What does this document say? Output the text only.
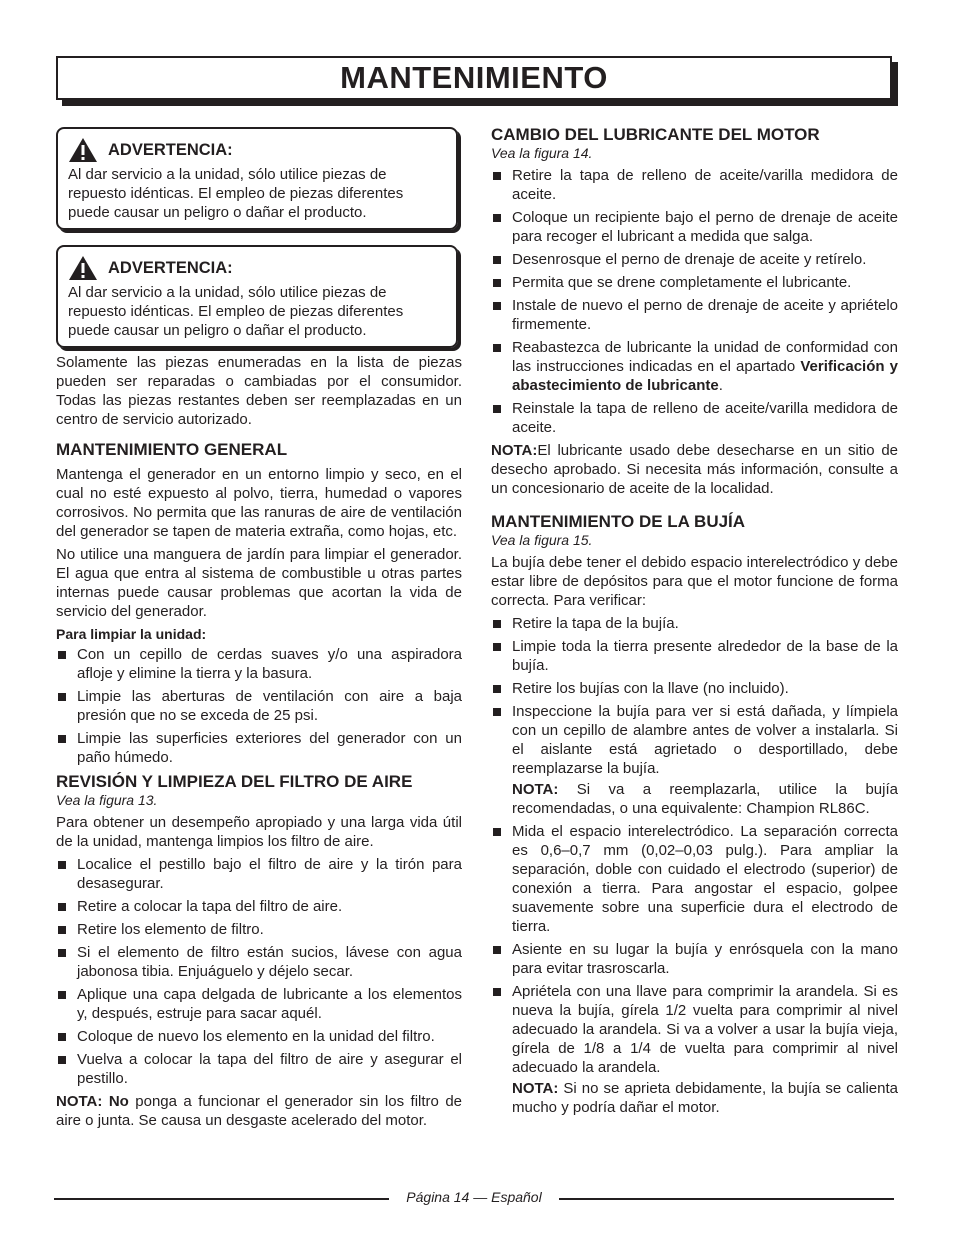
MANTENIMIENTO
ADVERTENCIA:

Al dar servicio a la unidad, sólo utilice piezas de repuesto idénticas. El empleo de piezas diferentes puede causar un peligro o dañar el producto.

ADVERTENCIA:

Al dar servicio a la unidad, sólo utilice piezas de repuesto idénticas. El empleo de piezas diferentes puede causar un peligro o dañar el producto.

Solamente las piezas enumeradas en la lista de piezas pueden ser reparadas o cambiadas por el consumidor. Todas las piezas restantes deben ser reemplazadas en un centro de servicio autorizado.

MANTENIMIENTO GENERAL

Mantenga el generador en un entorno limpio y seco, en el cual no esté expuesto al polvo, tierra, humedad o vapores corrosivos. No permita que las ranuras de aire de ventilación del generador se tapen de materia extraña, como hojas, etc.

No utilice una manguera de jardín para limpiar el generador. El agua que entra al sistema de combustible u otras partes internas puede causar problemas que acortan la vida de servicio del generador.

Para limpiar la unidad:

Con un cepillo de cerdas suaves y/o una aspiradora afloje y elimine la tierra y la basura.
Limpie las aberturas de ventilación con aire a baja presión que no se exceda de 25 psi.
Limpie las superficies exteriores del generador con un paño húmedo.
REVISIÓN Y LIMPIEZA DEL FILTRO DE AIRE
Vea la figura 13.

Para obtener un desempeño apropiado y una larga vida útil de la unidad, mantenga limpios los filtro de aire.

Localice el pestillo bajo el filtro de aire y la tirón para desasegurar.
Retire a colocar la tapa del filtro de aire.
Retire los elemento de filtro.
Si el elemento de filtro están sucios, lávese con agua jabonosa tibia. Enjuáguelo y déjelo secar.
Aplique una capa delgada de lubricante a los elementos y, después, estruje para sacar aquél.
Coloque de nuevo los elemento en la unidad del filtro.
Vuelva a colocar la tapa del filtro de aire y asegurar el pestillo.

NOTA: No ponga a funcionar el generador sin los filtro de aire o junta. Se causa un desgaste acelerado del motor.

CAMBIO DEL LUBRICANTE DEL MOTOR
Vea la figura 14.
Retire la tapa de relleno de aceite/varilla medidora de aceite.
Coloque un recipiente bajo el perno de drenaje de aceite para recoger el lubricant a medida que salga.
Desenrosque el perno de drenaje de aceite y retírelo.
Permita que se drene completamente el lubricante.
Instale de nuevo el perno de drenaje de aceite y apriételo firmemente.
Reabastezca de lubricante la unidad de conformidad con las instrucciones indicadas en el apartado Verificación y abastecimiento de lubricante.
Reinstale la tapa de relleno de aceite/varilla medidora de aceite.

NOTA:El lubricante usado debe desecharse en un sitio de desecho aprobado. Si necesita más información, consulte a un concesionario de aceite de la localidad.

MANTENIMIENTO DE LA BUJÍA
Vea la figura 15.

La bujía debe tener el debido espacio interelectródico y debe estar libre de depósitos para que el motor funcione de forma correcta. Para verificar:

Retire la tapa de la bujía.
Limpie toda la tierra presente alrededor de la base de la bujía.
Retire los bujías con la llave (no incluido).
Inspeccione la bujía para ver si está dañada, y límpiela con un cepillo de alambre antes de volver a instalarla. Si el aislante está agrietado o desportillado, debe reemplazarse la bujía.
NOTA: Si va a reemplazarla, utilice la bujía recomendadas, o una equivalente: Champion RL86C.
Mida el espacio interelectródico. La separación correcta es 0,6–0,7 mm (0,02–0,03 pulg.). Para ampliar la separación, doble con cuidado el electrodo (superior) de conexión a tierra. Para angostar el espacio, golpee suavemente sobre una superficie dura el electrodo de tierra.
Asiente en su lugar la bujía y enrósquela con la mano para evitar trasroscarla.
Apriétela con una llave para comprimir la arandela. Si es nueva la bujía, gírela 1/2 vuelta para comprimir al nivel adecuado la arandela. Si va a volver a usar la bujía vieja, gírela de 1/8 a 1/4 de vuelta para comprimir al nivel adecuado la arandela.
NOTA: Si no se aprieta debidamente, la bujía se calienta mucho y podría dañar el motor.
Página 14 — Español
